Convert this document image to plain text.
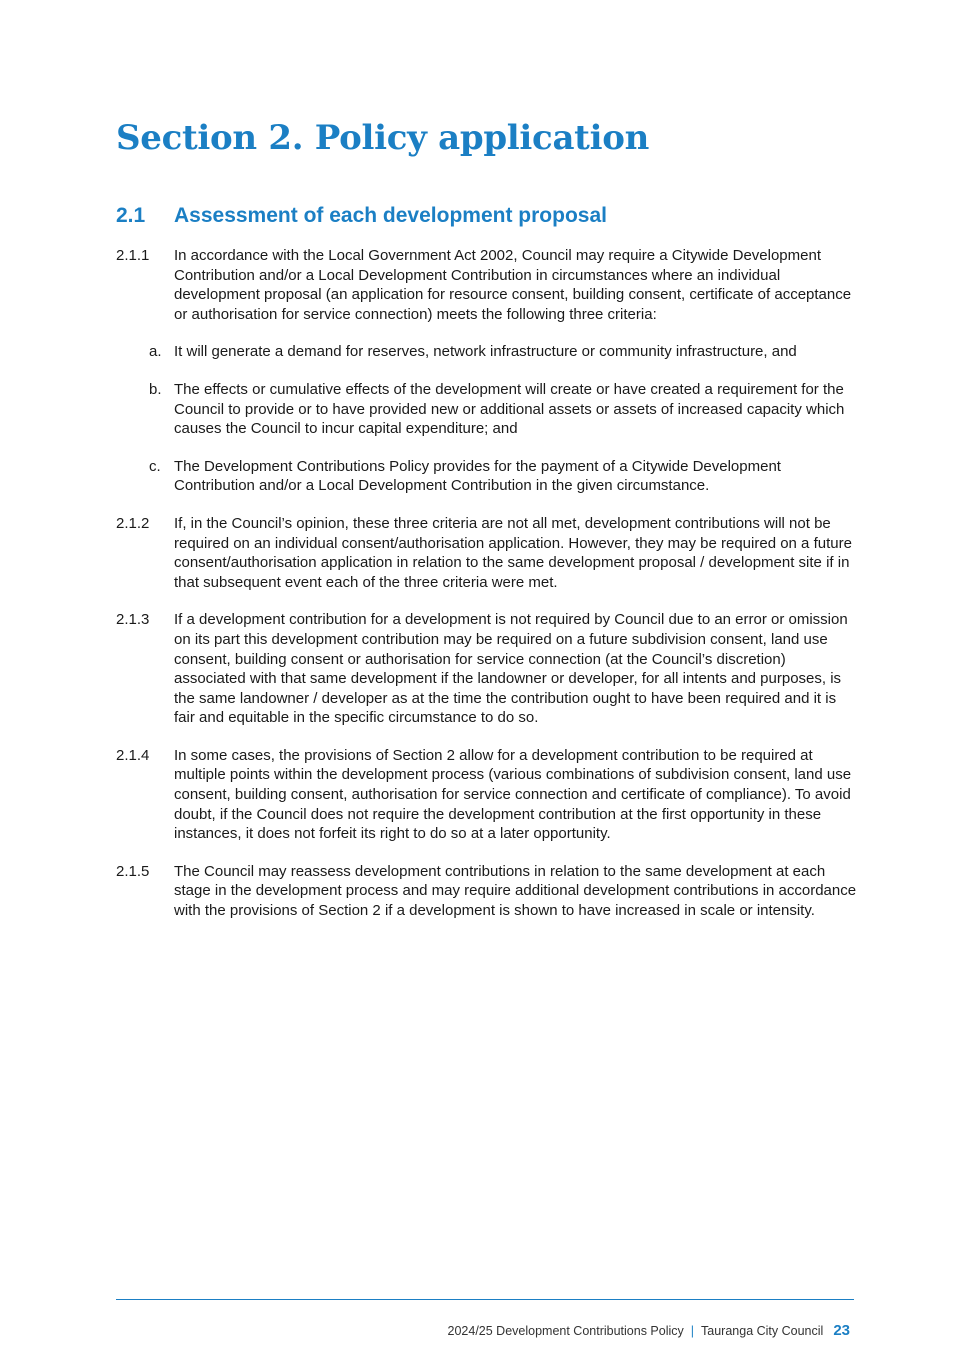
Section 2. Policy application
2.1 Assessment of each development proposal
2.1.1 In accordance with the Local Government Act 2002, Council may require a Citywide Development Contribution and/or a Local Development Contribution in circumstances where an individual development proposal (an application for resource consent, building consent, certificate of acceptance or authorisation for service connection) meets the following three criteria:
a. It will generate a demand for reserves, network infrastructure or community infrastructure, and
b. The effects or cumulative effects of the development will create or have created a requirement for the Council to provide or to have provided new or additional assets or assets of increased capacity which causes the Council to incur capital expenditure; and
c. The Development Contributions Policy provides for the payment of a Citywide Development Contribution and/or a Local Development Contribution in the given circumstance.
2.1.2 If, in the Council’s opinion, these three criteria are not all met, development contributions will not be required on an individual consent/authorisation application. However, they may be required on a future consent/authorisation application in relation to the same development proposal / development site if in that subsequent event each of the three criteria were met.
2.1.3 If a development contribution for a development is not required by Council due to an error or omission on its part this development contribution may be required on a future subdivision consent, land use consent, building consent or authorisation for service connection (at the Council’s discretion) associated with that same development if the landowner or developer, for all intents and purposes, is the same landowner / developer as at the time the contribution ought to have been required and it is fair and equitable in the specific circumstance to do so.
2.1.4 In some cases, the provisions of Section 2 allow for a development contribution to be required at multiple points within the development process (various combinations of subdivision consent, land use consent, building consent, authorisation for service connection and certificate of compliance). To avoid doubt, if the Council does not require the development contribution at the first opportunity in these instances, it does not forfeit its right to do so at a later opportunity.
2.1.5 The Council may reassess development contributions in relation to the same development at each stage in the development process and may require additional development contributions in accordance with the provisions of Section 2 if a development is shown to have increased in scale or intensity.
2024/25 Development Contributions Policy | Tauranga City Council 23
